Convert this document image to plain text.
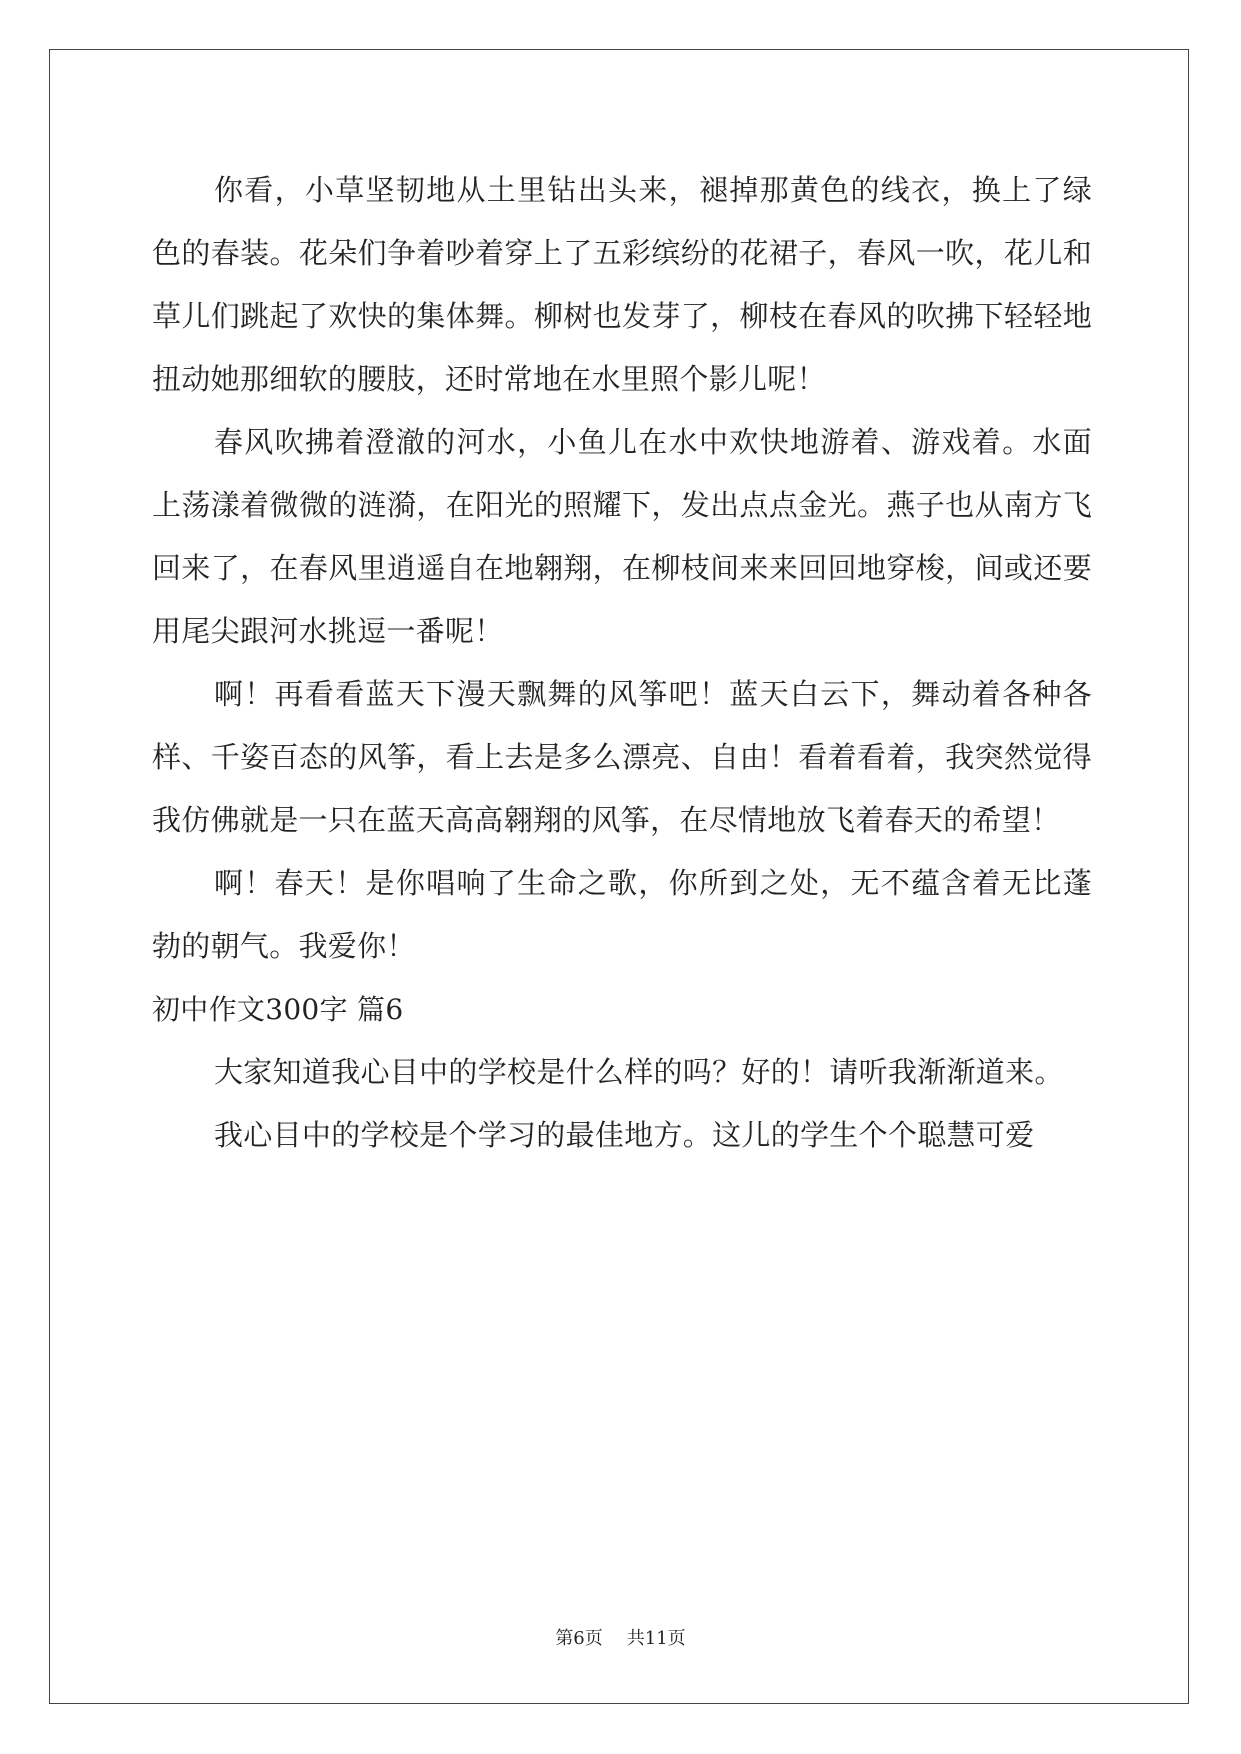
你看，小草坚韧地从土里钻出头来，褪掉那黄色的线衣，换上了绿色的春装。花朵们争着吵着穿上了五彩缤纷的花裙子，春风一吹，花儿和草儿们跳起了欢快的集体舞。柳树也发芽了，柳枝在春风的吹拂下轻轻地扭动她那细软的腰肢，还时常地在水里照个影儿呢！

春风吹拂着澄澈的河水，小鱼儿在水中欢快地游着、游戏着。水面上荡漾着微微的涟漪，在阳光的照耀下，发出点点金光。燕子也从南方飞回来了，在春风里逍遥自在地翱翔，在柳枝间来来回回地穿梭，间或还要用尾尖跟河水挑逗一番呢！

啊！再看看蓝天下漫天飘舞的风筝吧！蓝天白云下，舞动着各种各样、千姿百态的风筝，看上去是多么漂亮、自由！看着看着，我突然觉得我仿佛就是一只在蓝天高高翱翔的风筝，在尽情地放飞着春天的希望！

啊！春天！是你唱响了生命之歌，你所到之处，无不蕴含着无比蓬勃的朝气。我爱你！

初中作文300字 篇6

大家知道我心目中的学校是什么样的吗？好的！请听我渐渐道来。

我心目中的学校是个学习的最佳地方。这儿的学生个个聪慧可爱

第6页 共11页
